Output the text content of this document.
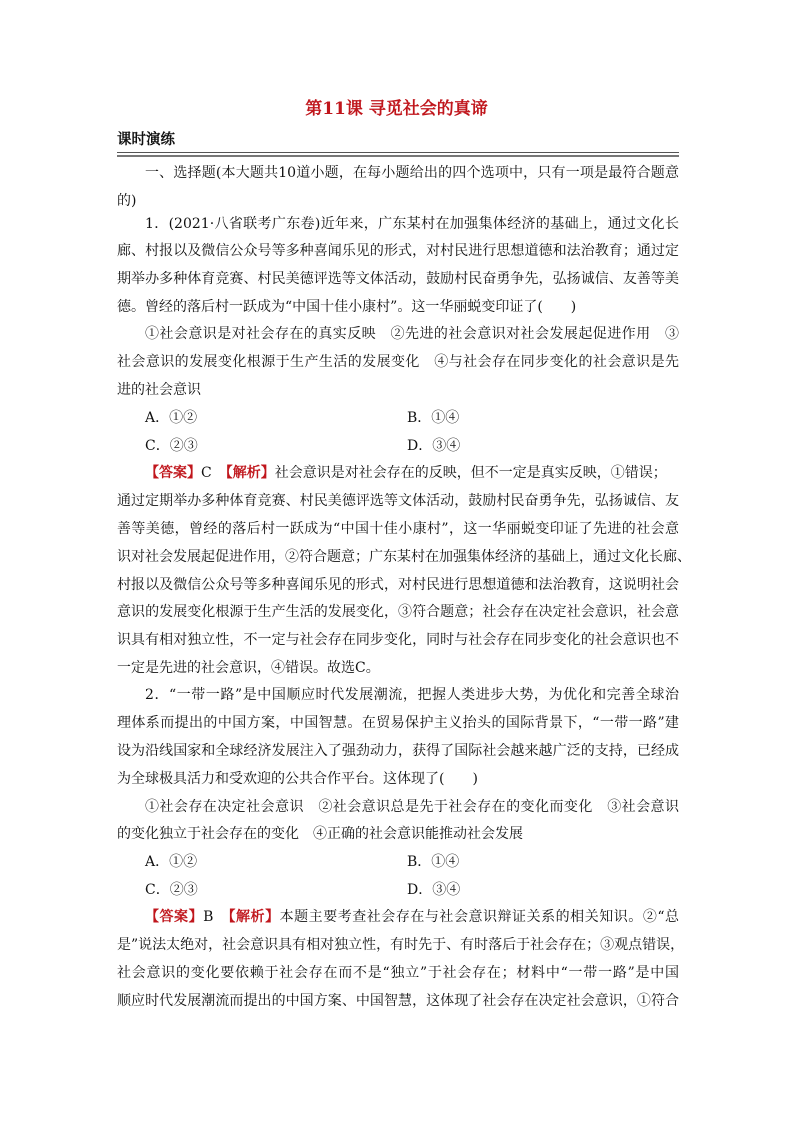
第11课 寻觅社会的真谛
课时演练
一、选择题(本大题共10道小题，在每小题给出的四个选项中，只有一项是最符合题意
的)
1．(2021·八省联考广东卷)近年来，广东某村在加强集体经济的基础上，通过文化长
廊、村报以及微信公众号等多种喜闻乐见的形式，对村民进行思想道德和法治教育；通过定
期举办多种体育竞赛、村民美德评选等文体活动，鼓励村民奋勇争先，弘扬诚信、友善等美
德。曾经的落后村一跃成为“中国十佳小康村”。这一华丽蜕变印证了(　　)
①社会意识是对社会存在的真实反映　②先进的社会意识对社会发展起促进作用　③
社会意识的发展变化根源于生产生活的发展变化　④与社会存在同步变化的社会意识是先
进的社会意识
A．①②	B．①④
C．②③	D．③④
【答案】C　 【解析】社会意识是对社会存在的反映，但不一定是真实反映，①错误；
通过定期举办多种体育竞赛、村民美德评选等文体活动，鼓励村民奋勇争先，弘扬诚信、友
善等美德，曾经的落后村一跃成为“中国十佳小康村”，这一华丽蜕变印证了先进的社会意
识对社会发展起促进作用，②符合题意；广东某村在加强集体经济的基础上，通过文化长廊、
村报以及微信公众号等多种喜闻乐见的形式，对村民进行思想道德和法治教育，这说明社会
意识的发展变化根源于生产生活的发展变化，③符合题意；社会存在决定社会意识，社会意
识具有相对独立性，不一定与社会存在同步变化，同时与社会存在同步变化的社会意识也不
一定是先进的社会意识，④错误。故选C。
2．“一带一路”是中国顺应时代发展潮流，把握人类进步大势，为优化和完善全球治
理体系而提出的中国方案，中国智慧。在贸易保护主义抬头的国际背景下，“一带一路”建
设为沿线国家和全球经济发展注入了强劲动力，获得了国际社会越来越广泛的支持，已经成
为全球极具活力和受欢迎的公共合作平台。这体现了(　　)
①社会存在决定社会意识　②社会意识总是先于社会存在的变化而变化　③社会意识
的变化独立于社会存在的变化　④正确的社会意识能推动社会发展
A．①②	B．①④
C．②③	D．③④
【答案】B　 【解析】本题主要考查社会存在与社会意识辩证关系的相关知识。②“总
是”说法太绝对，社会意识具有相对独立性，有时先于、有时落后于社会存在；③观点错误，
社会意识的变化要依赖于社会存在而不是“独立”于社会存在；材料中“一带一路”是中国
顺应时代发展潮流而提出的中国方案、中国智慧，这体现了社会存在决定社会意识，①符合
